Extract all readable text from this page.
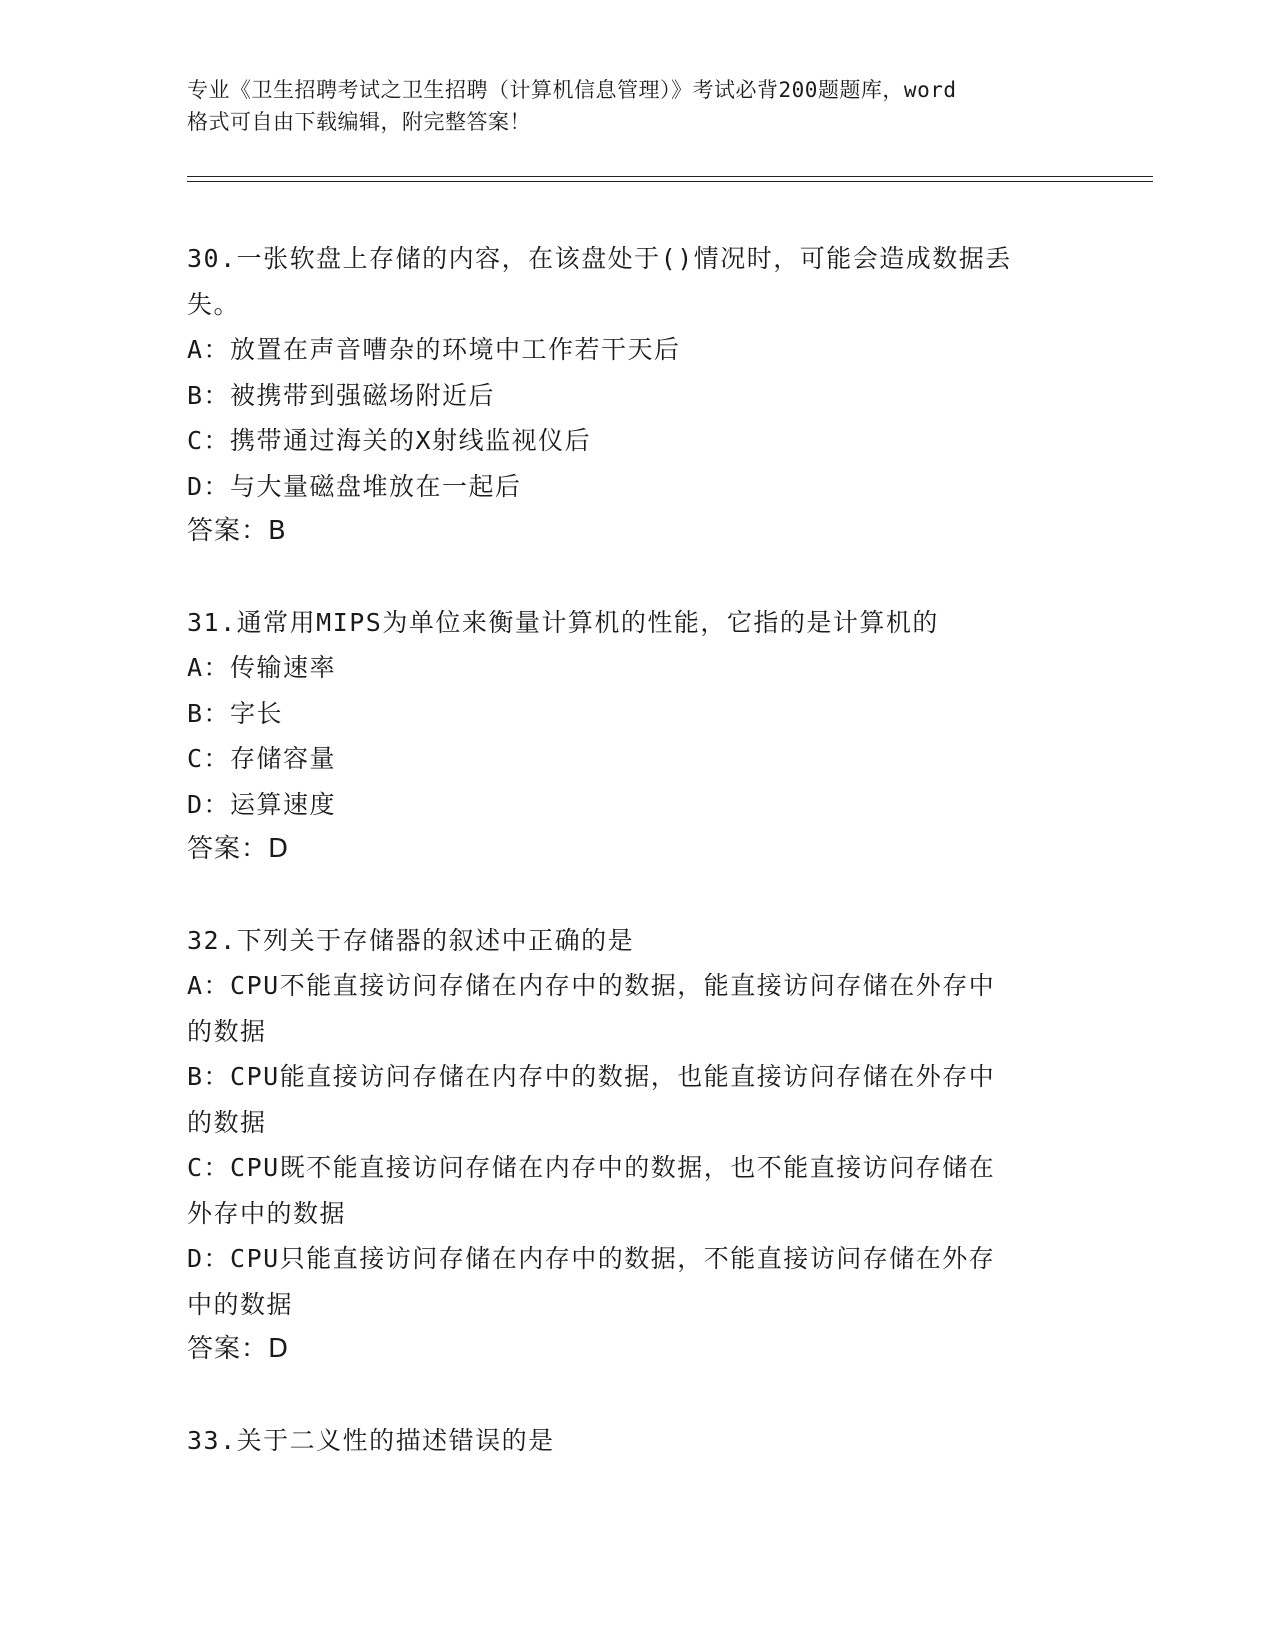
专业《卫生招聘考试之卫生招聘（计算机信息管理）》考试必背200题题库，word
格式可自由下载编辑，附完整答案！
30.一张软盘上存储的内容，在该盘处于()情况时，可能会造成数据丢
失。
A：放置在声音嘈杂的环境中工作若干天后
B：被携带到强磁场附近后
C：携带通过海关的X射线监视仪后
D：与大量磁盘堆放在一起后
答案：B
31.通常用MIPS为单位来衡量计算机的性能，它指的是计算机的
A：传输速率
B：字长
C：存储容量
D：运算速度
答案：D
32.下列关于存储器的叙述中正确的是
A：CPU不能直接访问存储在内存中的数据，能直接访问存储在外存中
的数据
B：CPU能直接访问存储在内存中的数据，也能直接访问存储在外存中
的数据
C：CPU既不能直接访问存储在内存中的数据，也不能直接访问存储在
外存中的数据
D：CPU只能直接访问存储在内存中的数据，不能直接访问存储在外存
中的数据
答案：D
33.关于二义性的描述错误的是
